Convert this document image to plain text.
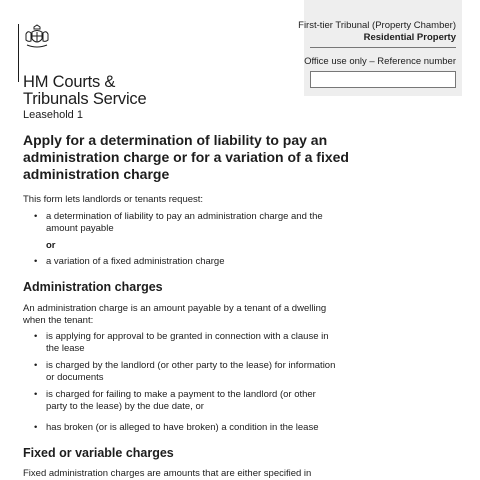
HM Courts &
Tribunals Service
First-tier Tribunal (Property Chamber)
Residential Property
Office use only – Reference number
Leasehold 1
Apply for a determination of liability to pay an administration charge or for a variation of a fixed administration charge

This form lets landlords or tenants request:

• a determination of liability to pay an administration charge and the amount payable

or
• a variation of a fixed administration charge

Administration charges

An administration charge is an amount payable by a tenant of a dwelling when the tenant:

• is applying for approval to be granted in connection with a clause in the lease

• is charged by the landlord (or other party to the lease) for information or documents

• is charged for failing to make a payment to the landlord (or other party to the lease) by the due date, or

• has broken (or is alleged to have broken) a condition in the lease

Fixed or variable charges

Fixed administration charges are amounts that are either specified in
